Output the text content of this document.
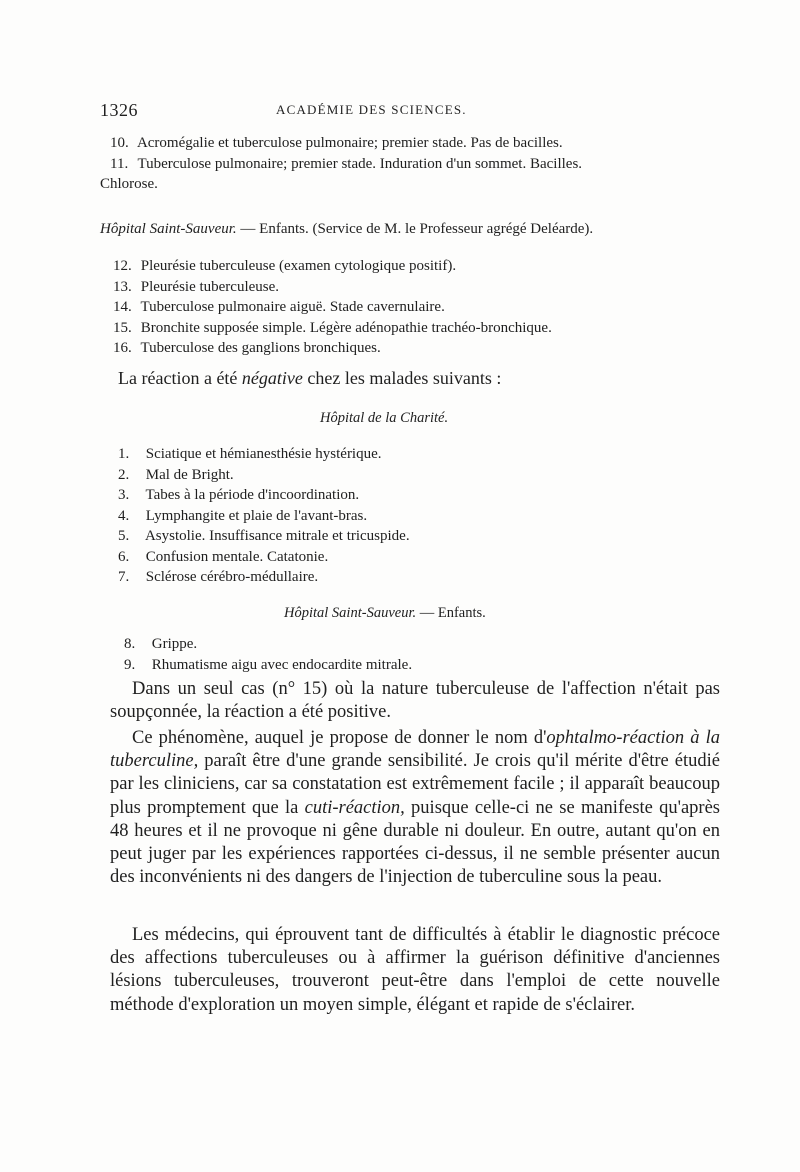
1326	ACADÉMIE DES SCIENCES.
10. Acromégalie et tuberculose pulmonaire; premier stade. Pas de bacilles.
11. Tuberculose pulmonaire; premier stade. Induration d'un sommet. Bacilles.
Chlorose.
Hôpital Saint-Sauveur. — Enfants. (Service de M. le Professeur agrégé Deléarde).
12. Pleurésie tuberculeuse (examen cytologique positif).
13. Pleurésie tuberculeuse.
14. Tuberculose pulmonaire aiguë. Stade cavernulaire.
15. Bronchite supposée simple. Légère adénopathie trachéo-bronchique.
16. Tuberculose des ganglions bronchiques.
La réaction a été négative chez les malades suivants :
Hôpital de la Charité.
1. Sciatique et hémianesthésie hystérique.
2. Mal de Bright.
3. Tabes à la période d'incoordination.
4. Lymphangite et plaie de l'avant-bras.
5. Asystolie. Insuffisance mitrale et tricuspide.
6. Confusion mentale. Catatonie.
7. Sclérose cérébro-médullaire.
Hôpital Saint-Sauveur. — Enfants.
8. Grippe.
9. Rhumatisme aigu avec endocardite mitrale.

Dans un seul cas (n° 15) où la nature tuberculeuse de l'affection n'était pas soupçonnée, la réaction a été positive.

Ce phénomène, auquel je propose de donner le nom d'ophtalmo-réaction à la tuberculine, paraît être d'une grande sensibilité. Je crois qu'il mérite d'être étudié par les cliniciens, car sa constatation est extrêmement facile ; il apparaît beaucoup plus promptement que la cuti-réaction, puisque celle-ci ne se manifeste qu'après 48 heures et il ne provoque ni gêne durable ni douleur. En outre, autant qu'on en peut juger par les expériences rapportées ci-dessus, il ne semble présenter aucun des inconvénients ni des dangers de l'injection de tuberculine sous la peau.

Les médecins, qui éprouvent tant de difficultés à établir le diagnostic précoce des affections tuberculeuses ou à affirmer la guérison définitive d'anciennes lésions tuberculeuses, trouveront peut-être dans l'emploi de cette nouvelle méthode d'exploration un moyen simple, élégant et rapide de s'éclairer.
